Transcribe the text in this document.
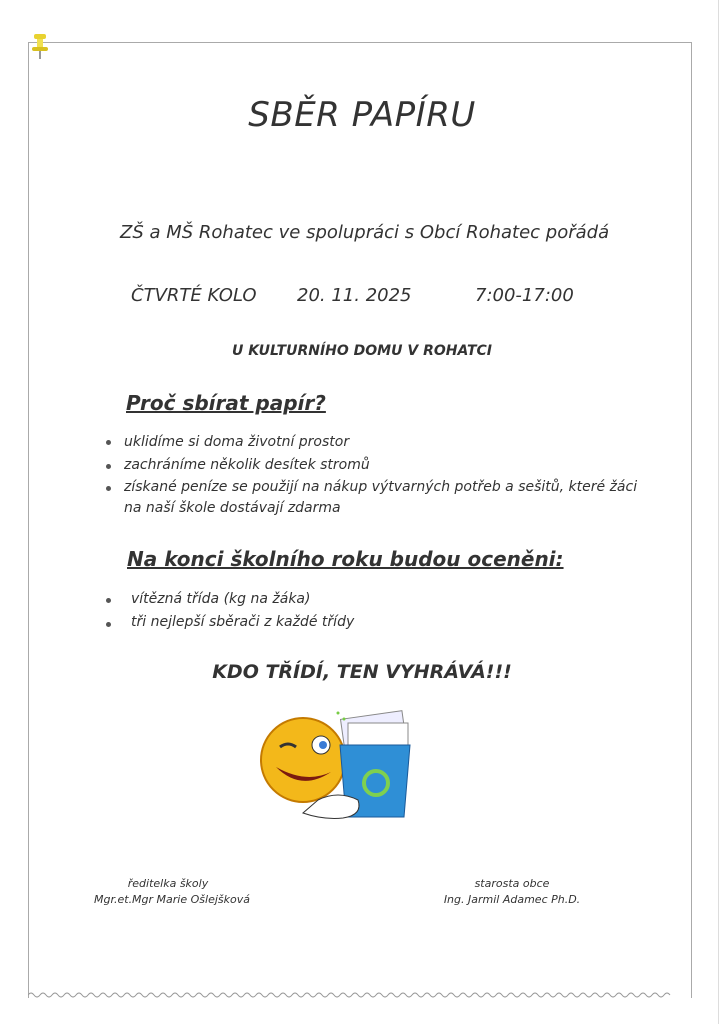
SBĚR PAPÍRU
ZŠ a MŠ Rohatec ve spolupráci s Obcí Rohatec pořádá
ČTVRTÉ KOLO 20. 11. 2025	7:00-17:00
U KULTURNÍHO DOMU V ROHATCI
Proč sbírat papír?
uklidíme si doma životní prostor
zachráníme několik desítek stromů
získané peníze se použijí na nákup výtvarných potřeb a sešitů, které žáci
na naší škole dostávají zdarma
Na konci školního roku budou oceněni:
vítězná třída (kg na žáka)
tři nejlepší sběrači z každé třídy
KDO TŘÍDÍ, TEN VYHRÁVÁ!!!
ředitelka školy
Mgr.et.Mgr Marie Ošlejšková
starosta obce
Ing. Jarmil Adamec Ph.D.
